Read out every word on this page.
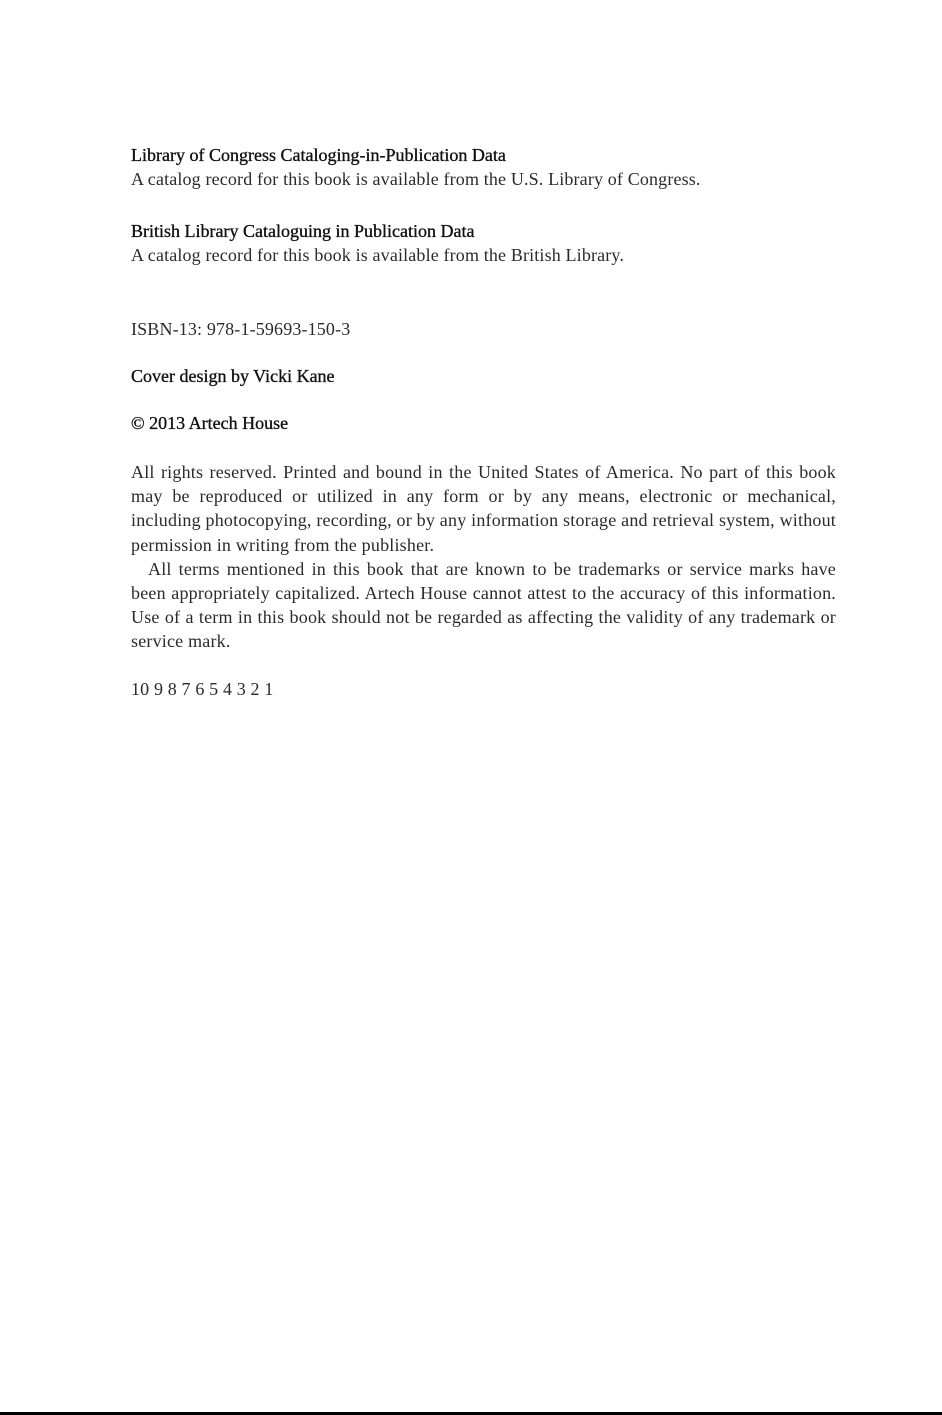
Library of Congress Cataloging-in-Publication Data
A catalog record for this book is available from the U.S. Library of Congress.
British Library Cataloguing in Publication Data
A catalog record for this book is available from the British Library.
ISBN-13: 978-1-59693-150-3
Cover design by Vicki Kane
© 2013 Artech House

All rights reserved. Printed and bound in the United States of America. No part of this book may be reproduced or utilized in any form or by any means, electronic or mechanical, including photocopying, recording, or by any information storage and retrieval system, without permission in writing from the publisher.

All terms mentioned in this book that are known to be trademarks or service marks have been appropriately capitalized. Artech House cannot attest to the accuracy of this information. Use of a term in this book should not be regarded as affecting the validity of any trademark or service mark.

10 9 8 7 6 5 4 3 2 1
